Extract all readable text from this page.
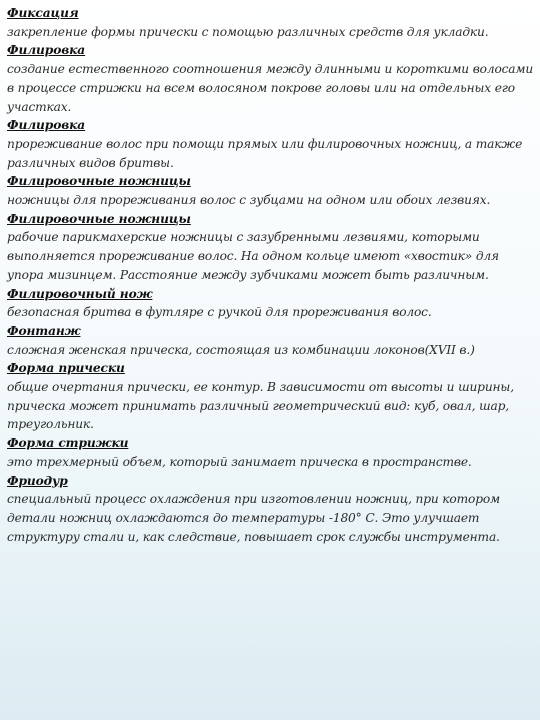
Фиксация
закрепление формы прически с помощью различных средств для укладки.
Филировка
создание естественного соотношения между длинными и короткими волосами в процессе стрижки на всем волосяном покрове головы или на отдельных его участках.
Филировка
прореживание волос при помощи прямых или филировочных ножниц, а также различных видов бритвы.
Филировочные ножницы
ножницы для прореживания волос с зубцами на одном или обоих лезвиях.
Филировочные ножницы
рабочие парикмахерские ножницы с зазубренными лезвиями, которыми выполняется прореживание волос. На одном кольце имеют «хвостик» для упора мизинцем. Расстояние между зубчиками может быть различным.
Филировочный нож
безопасная бритва в футляре с ручкой для прореживания волос.
Фонтанж
сложная женская прическа, состоящая из комбинации локонов(XVII в.)
Форма прически
общие очертания прически, ее контур. В зависимости от высоты и ширины, прическа может принимать различный геометрический вид: куб, овал, шар, треугольник.
Форма стрижки
это трехмерный объем, который занимает прическа в пространстве.
Фриодур
специальный процесс охлаждения при изготовлении ножниц, при котором детали ножниц охлаждаются до температуры -180° С. Это улучшает структуру стали и, как следствие, повышает срок службы инструмента.
